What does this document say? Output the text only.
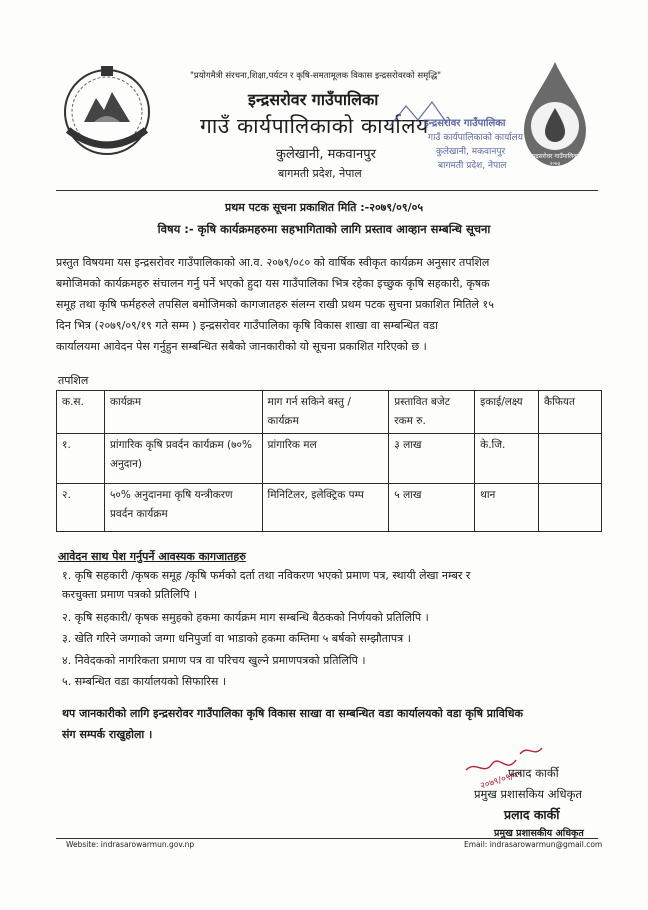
"प्रयोगमैत्री संरचना,शिक्षा,पर्यटन र कृषि-समतामूलक विकास इन्द्रसरोवरको समृद्धि"
इन्द्रसरोवर गाउँपालिका
गाउँ कार्यपालिकाको कार्यालय
कुलेखानी, मकवानपुर
बागमती प्रदेश, नेपाल
इन्द्रसरोवर गाउँपालिका
गाउँ कार्यपालिकाको कार्यालय
कुलेखानी, मकवानपुर
बागमती प्रदेश, नेपाल
इन्द्रसरोवर गाउँपालिका
२०७३
प्रथम पटक सूचना प्रकाशित मिति :-२०७९/०९/०५
विषय :- कृषि कार्यक्रमहरुमा सहभागिताको लागि प्रस्ताव आव्हान सम्बन्धि सूचना
प्रस्तुत विषयमा यस इन्द्रसरोवर गाउँपालिकाको आ.व. २०७९/०८० को वार्षिक स्वीकृत कार्यक्रम अनुसार तपशिल
बमोजिमको कार्यक्रमहरु संचालन गर्नु पर्ने भएको हुदा यस गाउँपालिका भित्र रहेका इच्छुक कृषि सहकारी, कृषक
समूह तथा कृषि फर्महरुले तपसिल बमोजिमको कागजातहरु संलग्न राखी प्रथम पटक सुचना प्रकाशित मितिले १५
दिन भित्र (२०७९/०९/१९ गते सम्म ) इन्द्रसरोवर गाउँपालिका कृषि विकास शाखा वा सम्बन्धित वडा
कार्यालयमा आवेदन पेस गर्नुहुन सम्बन्धित सबैको जानकारीको यो सूचना प्रकाशित गरिएको छ ।
तपशिल
क.स.	कार्यक्रम	माग गर्न सकिने बस्तु / कार्यक्रम	प्रस्तावित बजेट रकम रु.	इकाई/लक्ष्य	कैफियत
१.	प्रांगारिक कृषि प्रवर्दन कार्यक्रम (७०% अनुदान)	प्रांगारिक मल	३ लाख	के.जि.	
२.	५०% अनुदानमा कृषि यन्त्रीकरण प्रवर्दन कार्यक्रम	मिनिटिलर, इलेक्ट्रिक पम्प	५ लाख	थान	
आवेदन साथ पेश गर्नुपर्ने आवस्यक कागजातहरु
१. कृषि सहकारी /कृषक समूह /कृषि फर्मको दर्ता तथा नविकरण भएको प्रमाण पत्र, स्थायी लेखा नम्बर र
करचुक्ता प्रमाण पत्रको प्रतिलिपि ।
२. कृषि सहकारी/ कृषक समुहको हकमा कार्यक्रम माग सम्बन्धि बैठकको निर्णयको प्रतिलिपि ।
३. खेति गरिने जग्गाको जग्गा धनिपुर्जा वा भाडाको हकमा कम्तिमा ५ बर्षको सम्झौतापत्र ।
४. निवेदकको नागरिकता प्रमाण पत्र वा परिचय खुल्ने प्रमाणपत्रको प्रतिलिपि ।
५. सम्बन्धित वडा कार्यालयको सिफारिस ।
थप जानकारीको लागि इन्द्रसरोवर गाउँपालिका कृषि विकास साखा वा सम्बन्धित वडा कार्यालयको वडा कृषि प्राविधिक
संग सम्पर्क राखुहोला ।
२०७९/०९/०५
प्रलाद कार्की
प्रमुख प्रशासकिय अधिकृत
प्रलाद कार्की
प्रमुख प्रशासकीय अधिकृत
Website: indrasarowarmun.gov.np	Email: indrasarowarmun@gmail.com
